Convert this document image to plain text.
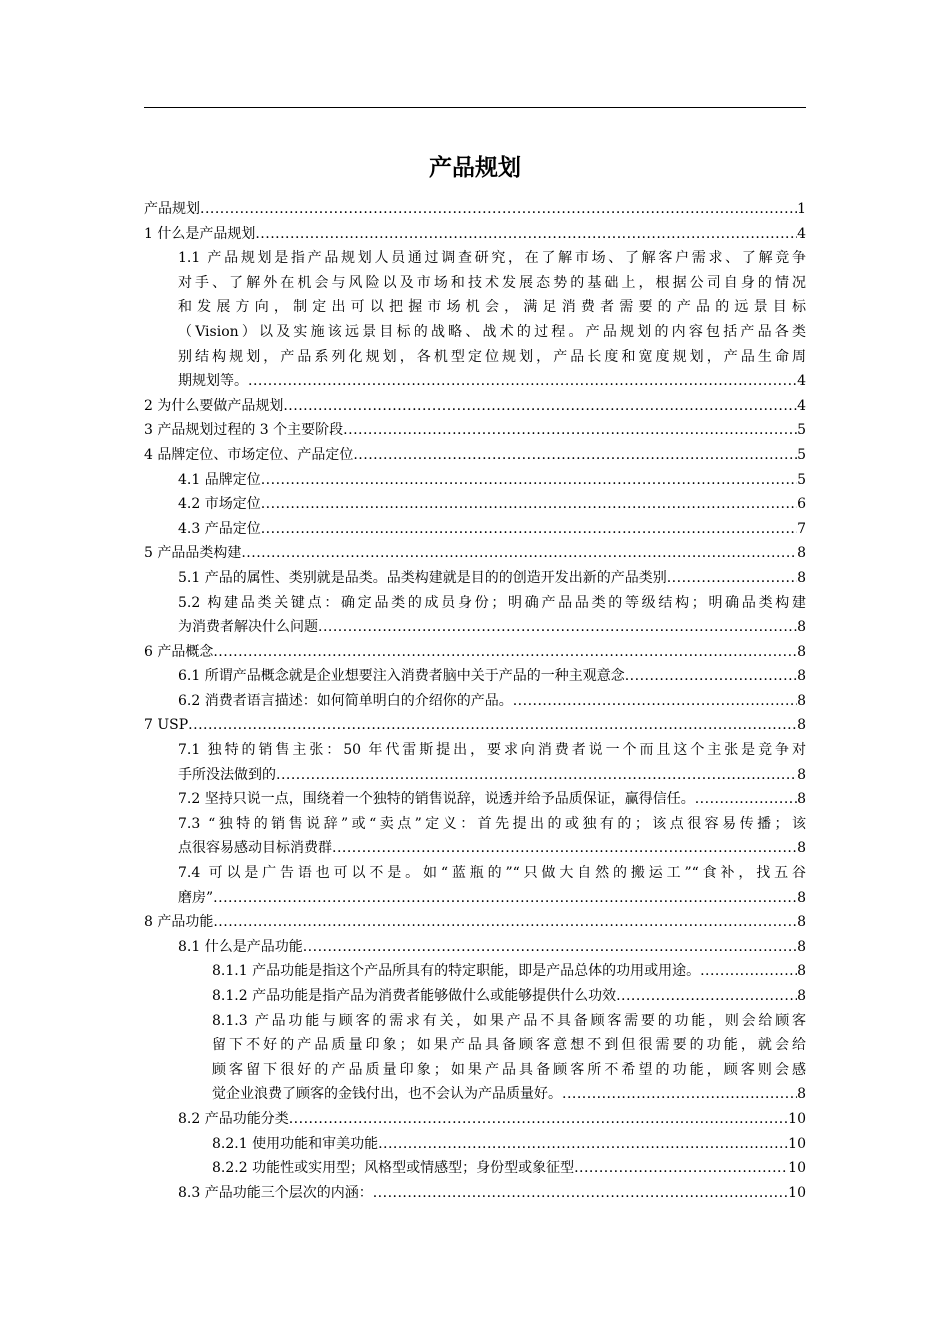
产品规划
产品规划 .....	1
1 什么是产品规划 .....	4
1.1 产品规划是指产品规划人员通过调查研究，在了解市场、了解客户需求、了解竞争
对手、了解外在机会与风险以及市场和技术发展态势的基础上，根据公司自身的情况
和发展方向，制定出可以把握市场机会，满足消费者需要的产品的远景目标
（Vision）以及实施该远景目标的战略、战术的过程。产品规划的内容包括产品各类
别结构规划，产品系列化规划，各机型定位规划，产品长度和宽度规划，产品生命周
期规划等。 .....	4
2 为什么要做产品规划 .....	4
3 产品规划过程的 3 个主要阶段 .....	5
4 品牌定位、市场定位、产品定位 .....	5
4.1 品牌定位 .....	5
4.2 市场定位 .....	6
4.3 产品定位 .....	7
5 产品品类构建 .....	8
5.1 产品的属性、类别就是品类。品类构建就是目的的创造开发出新的产品类别 .....	8
5.2 构建品类关键点：确定品类的成员身份；明确产品品类的等级结构；明确品类构建
为消费者解决什么问题 .....	8
6 产品概念 .....	8
6.1 所谓产品概念就是企业想要注入消费者脑中关于产品的一种主观意念 .....	8
6.2 消费者语言描述：如何简单明白的介绍你的产品。 .....	8
7 USP .....	8
7.1 独特的销售主张：50 年代雷斯提出，要求向消费者说一个而且这个主张是竞争对
手所没法做到的 .....	8
7.2 坚持只说一点，围绕着一个独特的销售说辞，说透并给予品质保证，赢得信任。 .....	8
7.3 “独特的销售说辞”或“卖点”定义：首先提出的或独有的；该点很容易传播；该
点很容易感动目标消费群 .....	8
7.4 可以是广告语也可以不是。如“蓝瓶的”“只做大自然的搬运工”“食补，找五谷
磨房” .....	8
8 产品功能 .....	8
8.1 什么是产品功能 .....	8
8.1.1 产品功能是指这个产品所具有的特定职能，即是产品总体的功用或用途。 .....	8
8.1.2 产品功能是指产品为消费者能够做什么或能够提供什么功效 .....	8
8.1.3 产品功能与顾客的需求有关，如果产品不具备顾客需要的功能，则会给顾客
留下不好的产品质量印象；如果产品具备顾客意想不到但很需要的功能，就会给
顾客留下很好的产品质量印象；如果产品具备顾客所不希望的功能，顾客则会感
觉企业浪费了顾客的金钱付出，也不会认为产品质量好。 .....	8
8.2 产品功能分类 .....	10
8.2.1 使用功能和审美功能 .....	10
8.2.2 功能性或实用型；风格型或情感型；身份型或象征型 .....	10
8.3 产品功能三个层次的内涵： .....	10
